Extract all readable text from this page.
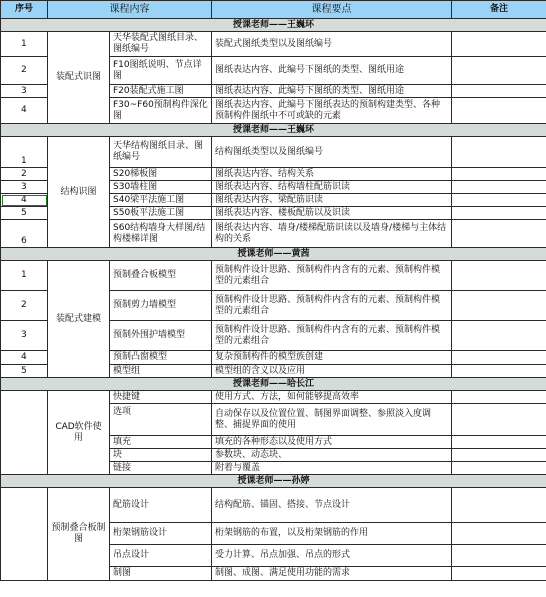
序号	课程内容		课程要点	备注
授课老师——王巍环				
1	装配式识图	天华装配式图纸目录、图纸编号	装配式图纸类型以及图纸编号	
2		F10图纸说明、节点详图	图纸表达内容、此编号下图纸的类型、图纸用途	
3		F20装配式施工图	图纸表达内容、此编号下图纸的类型、图纸用途	
4		F30~F60预制构件深化图	图纸表达内容、此编号下图纸表达的预制构建类型、各种预制构件图纸中不可或缺的元素	
授课老师——王巍环				
1	结构识图	天华结构图纸目录、图纸编号	结构图纸类型以及图纸编号	
2		S20梯板图	图纸表达内容、结构关系	
3		S30墙柱图	图纸表达内容、结构墙柱配筋识读	
4		S40梁平法施工图	图纸表达内容、梁配筋识读	
5		S50板平法施工图	图纸表达内容、楼板配筋以及识读	
6		S60结构墙身大样图/结构楼梯详图	图纸表达内容、墙身/楼梯配筋识读以及墙身/楼梯与主体结构的关系	
授课老师——黄茜				
1	装配式建模	预制叠合板模型	预制构件设计思路、预制构件内含有的元素、预制构件模型的元素组合	
2		预制剪力墙模型	预制构件设计思路、预制构件内含有的元素、预制构件模型的元素组合	
3		预制外围护墙模型	预制构件设计思路、预制构件内含有的元素、预制构件模型的元素组合	
4		预制凸窗模型	复杂预制构件的模型族创建	
5		模型组	模型组的含义以及应用	
授课老师——哈长江				
	CAD软件使用	快捷键	使用方式、方法，如何能够提高效率	
		选项	自动保存以及位置位置、制图界面调整、参照淡入度调整、捕捉界面的使用	
		填充	填充的各种形态以及使用方式	
		块	参数块、动态块、	
		链接	附着与覆盖	
授课老师——孙婷				
	预制叠合板制图	配筋设计	结构配筋、锚固、搭接、节点设计	
		桁架钢筋设计	桁架钢筋的布置，以及桁架钢筋的作用	
		吊点设计	受力计算、吊点加强、吊点的形式	
		制图	制图、成图、满足使用功能的需求	
